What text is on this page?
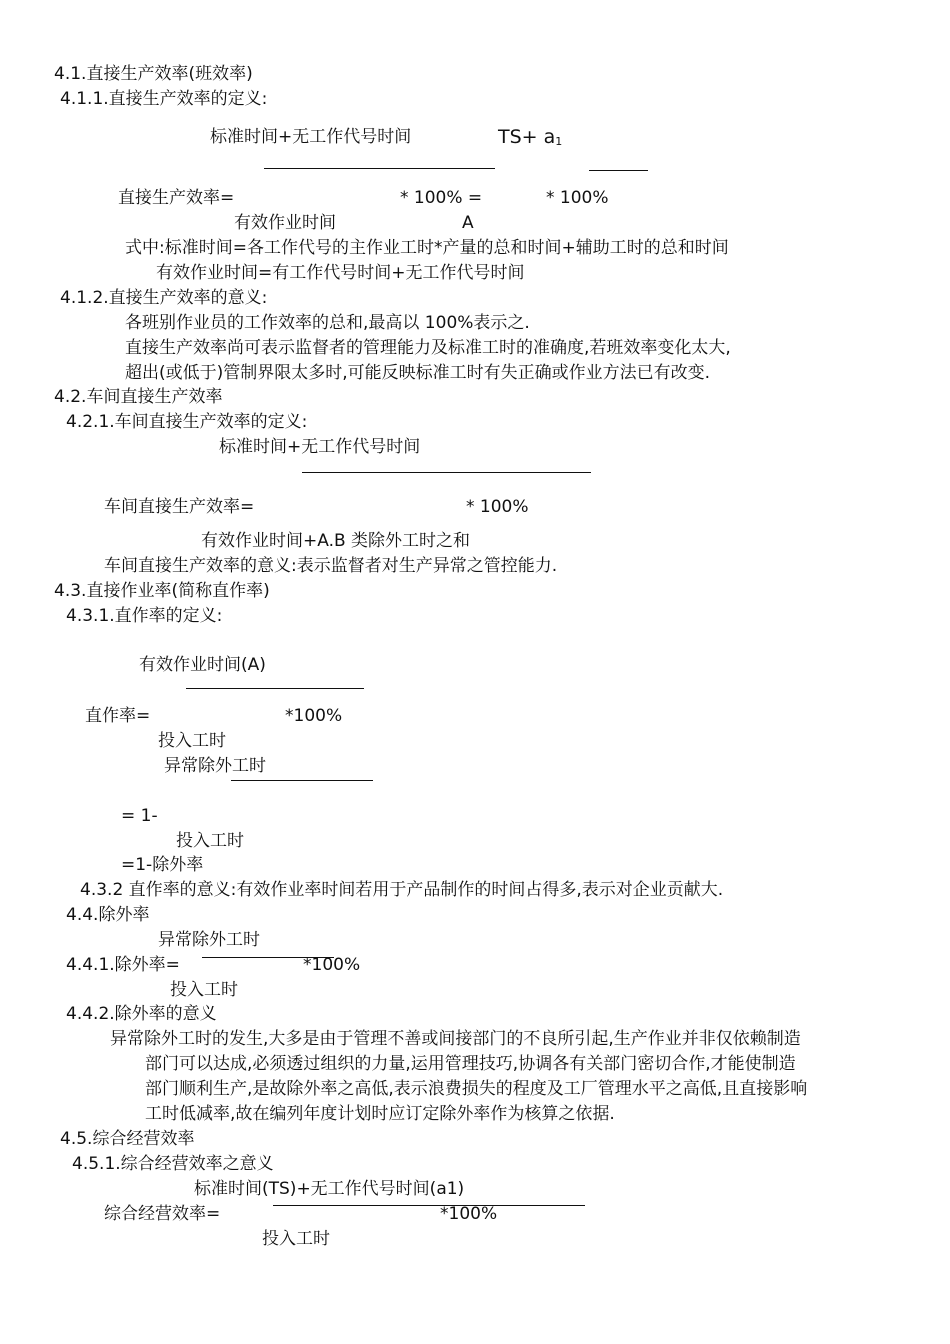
4.1.直接生产效率(班效率)
4.1.1.直接生产效率的定义:
标准时间+无工作代号时间	$TS+ a_1$
直接生产效率=	* 100% =	* 100%
有效作业时间	A
式中:标准时间=各工作代号的主作业工时*产量的总和时间+辅助工时的总和时间
有效作业时间=有工作代号时间+无工作代号时间
4.1.2.直接生产效率的意义:
各班别作业员的工作效率的总和,最高以 100%表示之.
直接生产效率尚可表示监督者的管理能力及标准工时的准确度,若班效率变化太大,
超出(或低于)管制界限太多时,可能反映标准工时有失正确或作业方法已有改变.
4.2.车间直接生产效率
4.2.1.车间直接生产效率的定义:
标准时间+无工作代号时间
车间直接生产效率=	* 100%
有效作业时间+A.B 类除外工时之和
车间直接生产效率的意义:表示监督者对生产异常之管控能力.
4.3.直接作业率(简称直作率)
4.3.1.直作率的定义:
有效作业时间(A)
直作率=	*100%
投入工时
异常除外工时
= 1-
投入工时
=1-除外率
4.3.2 直作率的意义:有效作业率时间若用于产品制作的时间占得多,表示对企业贡献大.
4.4.除外率
异常除外工时
4.4.1.除外率=	*100%
投入工时
4.4.2.除外率的意义
异常除外工时的发生,大多是由于管理不善或间接部门的不良所引起,生产作业并非仅依赖制造
部门可以达成,必须透过组织的力量,运用管理技巧,协调各有关部门密切合作,才能使制造
部门顺利生产,是故除外率之高低,表示浪费损失的程度及工厂管理水平之高低,且直接影响
工时低减率,故在编列年度计划时应订定除外率作为核算之依据.
4.5.综合经营效率
4.5.1.综合经营效率之意义
标准时间(TS)+无工作代号时间(a1)
综合经营效率=	*100%
投入工时
